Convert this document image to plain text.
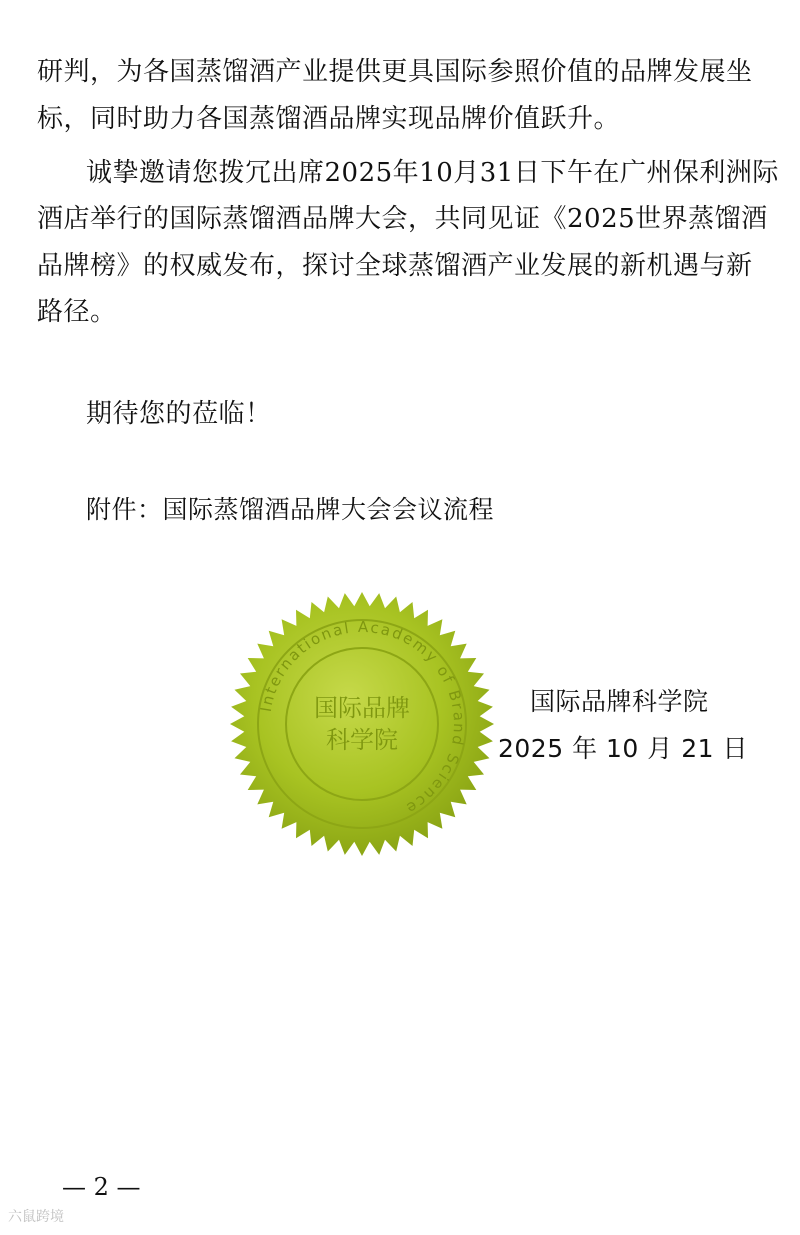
研判，为各国蒸馏酒产业提供更具国际参照价值的品牌发展坐
标，同时助力各国蒸馏酒品牌实现品牌价值跃升。
诚挚邀请您拨冗出席2025年10月31日下午在广州保利洲际
酒店举行的国际蒸馏酒品牌大会，共同见证《2025世界蒸馏酒
品牌榜》的权威发布，探讨全球蒸馏酒产业发展的新机遇与新
路径。
期待您的莅临！
附件：国际蒸馏酒品牌大会会议流程
International Academy of Brand Science
国际品牌
科学院
国际品牌科学院
2025 年 10 月 21 日
— 2 —
六鼠跨境
